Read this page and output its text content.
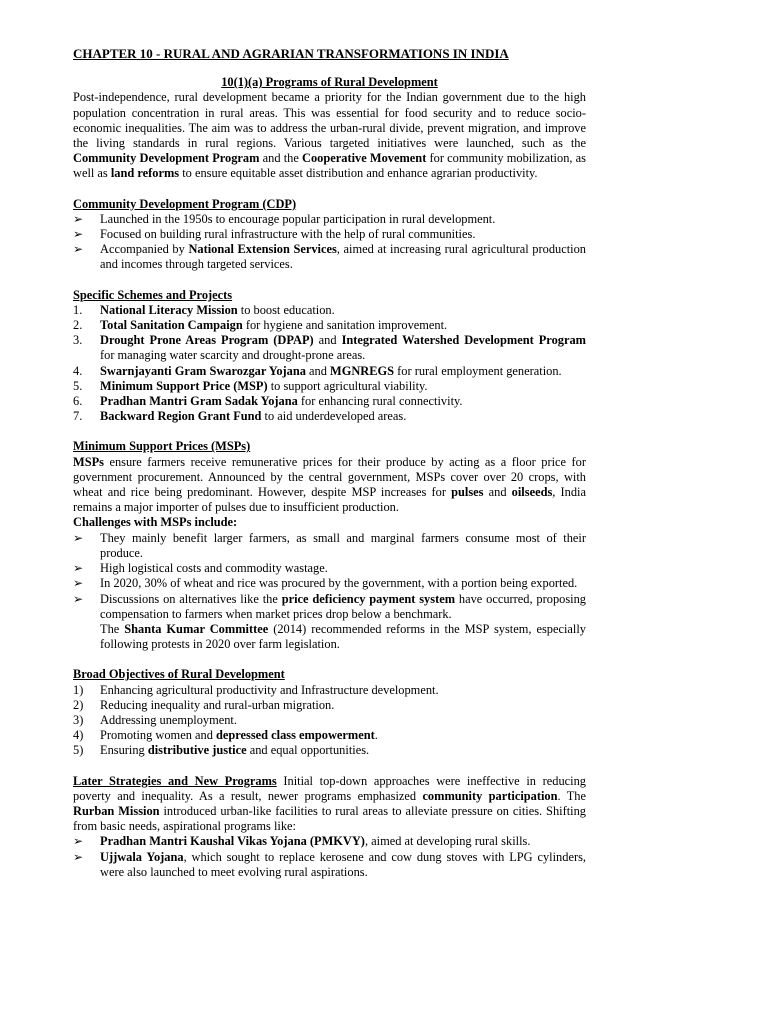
CHAPTER 10 - RURAL AND AGRARIAN TRANSFORMATIONS IN INDIA

10(1)(a) Programs of Rural Development

Post-independence, rural development became a priority for the Indian government due to the high population concentration in rural areas. This was essential for food security and to reduce socio-economic inequalities. The aim was to address the urban-rural divide, prevent migration, and improve the living standards in rural regions. Various targeted initiatives were launched, such as the Community Development Program and the Cooperative Movement for community mobilization, as well as land reforms to ensure equitable asset distribution and enhance agrarian productivity.

Community Development Program (CDP)

➢ Launched in the 1950s to encourage popular participation in rural development.
➢ Focused on building rural infrastructure with the help of rural communities.
➢ Accompanied by National Extension Services, aimed at increasing rural agricultural production and incomes through targeted services.

Specific Schemes and Projects

1. National Literacy Mission to boost education.
2. Total Sanitation Campaign for hygiene and sanitation improvement.
3. Drought Prone Areas Program (DPAP) and Integrated Watershed Development Program for managing water scarcity and drought-prone areas.
4. Swarnjayanti Gram Swarozgar Yojana and MGNREGS for rural employment generation.
5. Minimum Support Price (MSP) to support agricultural viability.
6. Pradhan Mantri Gram Sadak Yojana for enhancing rural connectivity.
7. Backward Region Grant Fund to aid underdeveloped areas.

Minimum Support Prices (MSPs)

MSPs ensure farmers receive remunerative prices for their produce by acting as a floor price for government procurement. Announced by the central government, MSPs cover over 20 crops, with wheat and rice being predominant. However, despite MSP increases for pulses and oilseeds, India remains a major importer of pulses due to insufficient production.

Challenges with MSPs include:

➢ They mainly benefit larger farmers, as small and marginal farmers consume most of their produce.
➢ High logistical costs and commodity wastage.
➢ In 2020, 30% of wheat and rice was procured by the government, with a portion being exported.
➢ Discussions on alternatives like the price deficiency payment system have occurred, proposing compensation to farmers when market prices drop below a benchmark.

The Shanta Kumar Committee (2014) recommended reforms in the MSP system, especially following protests in 2020 over farm legislation.

Broad Objectives of Rural Development

1) Enhancing agricultural productivity and Infrastructure development.
2) Reducing inequality and rural-urban migration.
3) Addressing unemployment.
4) Promoting women and depressed class empowerment.
5) Ensuring distributive justice and equal opportunities.

Later Strategies and New Programs Initial top-down approaches were ineffective in reducing poverty and inequality. As a result, newer programs emphasized community participation. The Rurban Mission introduced urban-like facilities to rural areas to alleviate pressure on cities. Shifting from basic needs, aspirational programs like:

➢ Pradhan Mantri Kaushal Vikas Yojana (PMKVY), aimed at developing rural skills.
➢ Ujjwala Yojana, which sought to replace kerosene and cow dung stoves with LPG cylinders, were also launched to meet evolving rural aspirations.
